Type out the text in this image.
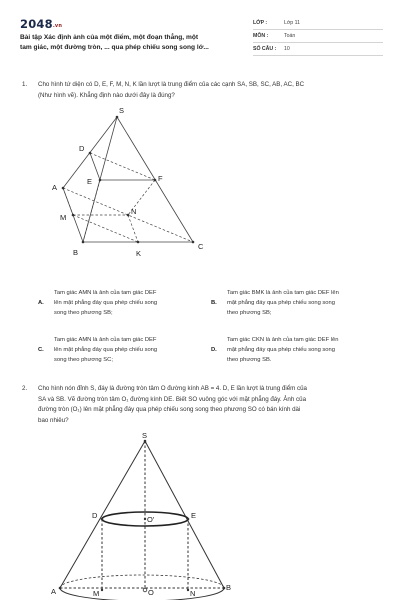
2048.vn
Bài tập Xác định ảnh của một điểm, một đoạn thẳng, một
tam giác, một đường tròn, ... qua phép chiếu song song lớ...
LỚP :	Lớp 11
MÔN :	Toán
SỐ CÂU : 10
1. Cho hình tứ diện có D, E, F, M, N, K lần lượt là trung điểm của các cạnh SA, SB, SC, AB, AC, BC
(Như hình vẽ). Khẳng định nào dưới đây là đúng?
S
D
E	F
A
M
N
B	K
C
A.
Tam giác AMN là ảnh của tam giác DEF
lên mặt phẳng đáy qua phép chiếu song
song theo phương SB;
B.
Tam giác BMK là ảnh của tam giác DEF lên
mặt phẳng đáy qua phép chiếu song song
theo phương SB;
C.
Tam giác AMN là ảnh của tam giác DEF
lên mặt phẳng đáy qua phép chiếu song
song theo phương SC;
D.
Tam giác CKN là ảnh của tam giác DEF lên
mặt phẳng đáy qua phép chiếu song song
theo phương SB.
2. Cho hình nón đỉnh S, đáy là đường tròn tâm O đường kính AB = 4. D, E lần lượt là trung điểm của
SA và SB. Vẽ đường tròn tâm O₁ đường kính DE. Biết SO vuông góc với mặt phẳng đáy. Ảnh của
đường tròn (O₁) lên mặt phẳng đáy qua phép chiếu song song theo phương SO có bán kính dài
bao nhiêu?
S
D	O'	E
A	M	O	N
B
